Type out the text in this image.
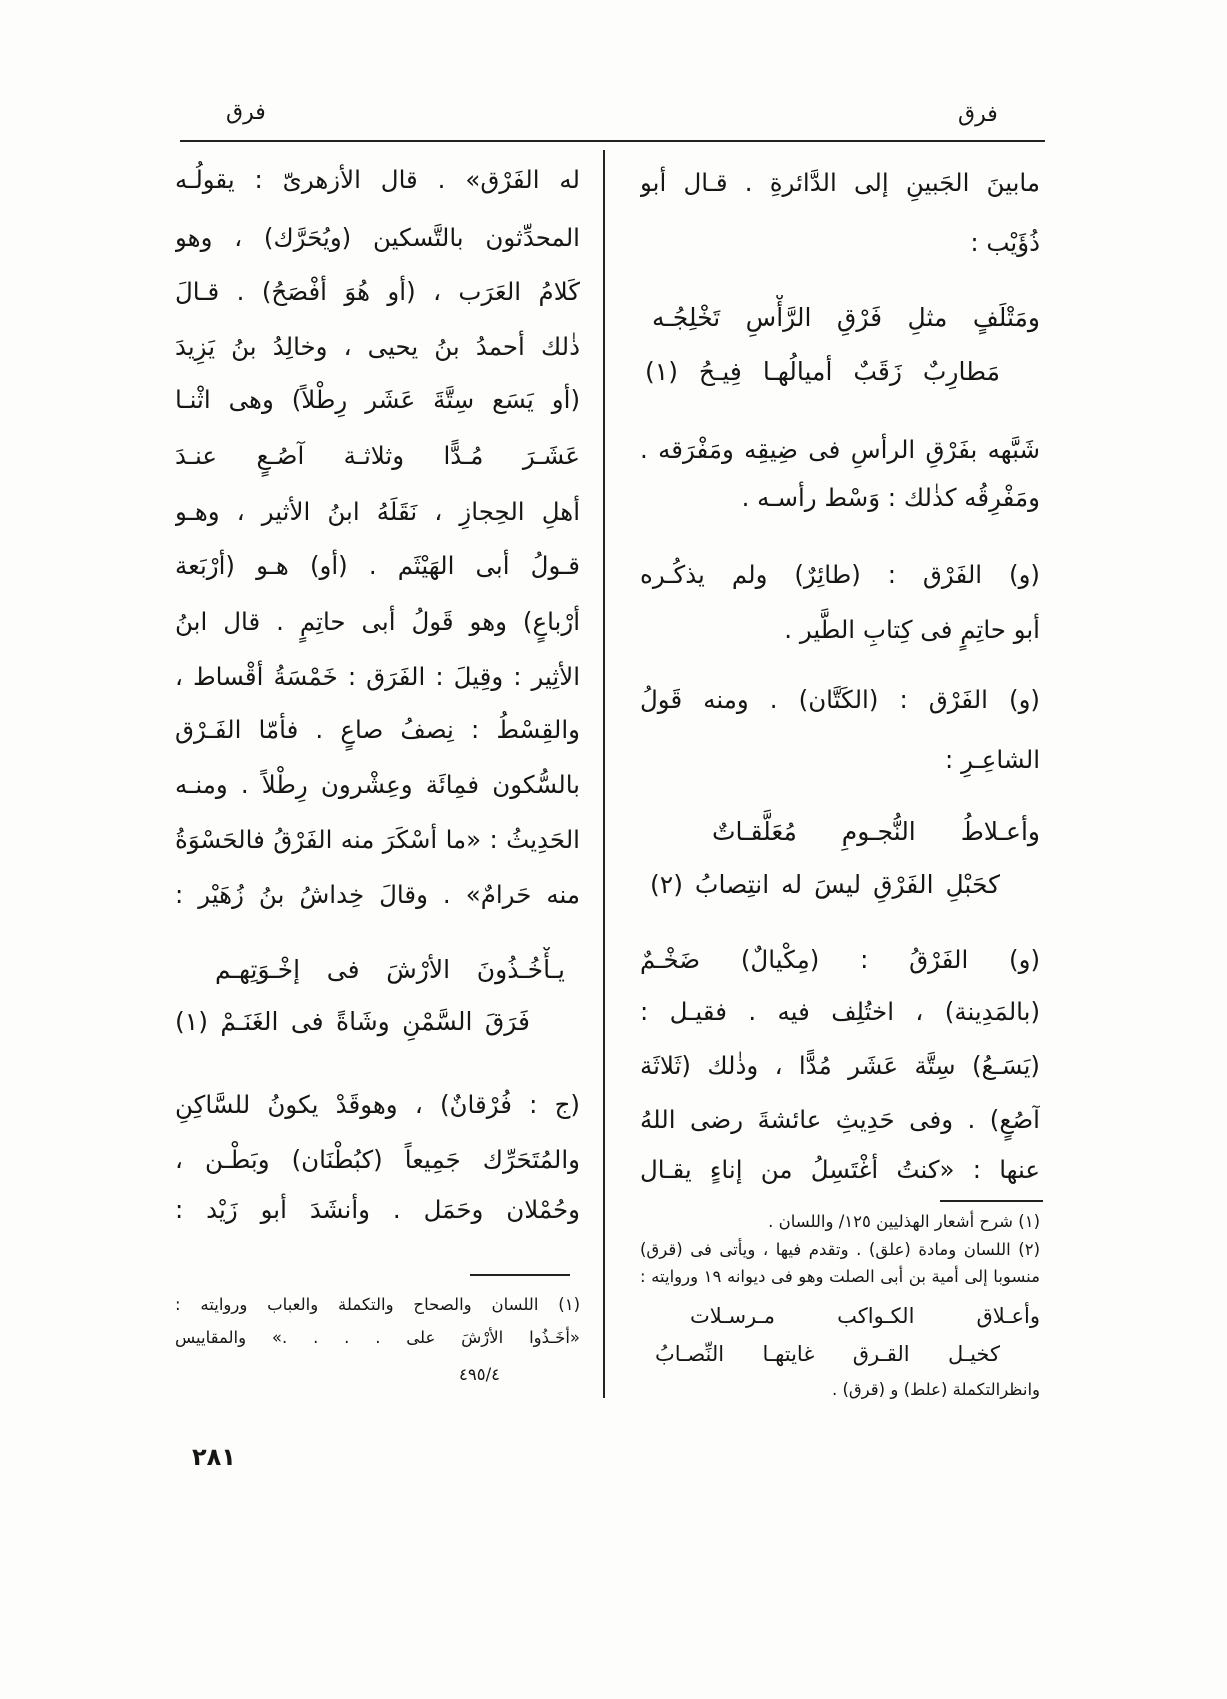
فرق	فرق
مابينَ الجَبينِ إلى الدَّائرةِ . قـال أبو
ذُؤَيْب :
ومَتْلَفٍ مثلِ فَرْقِ الرَّأْسِ تَخْلِجُـه
مَطارِبٌ زَقَبٌ أميالُهـا فِيـحُ (١)
شَبَّهه بفَرْقِ الرأسِ فى ضِيقِه ومَفْرَقه .
ومَفْرِقُه كذٰلك : وَسْط رأسـه .
(و) الفَرْق : (طائِرٌ) ولم يذكُـره
أبو حاتِمٍ فى كِتابِ الطَّير .
(و) الفَرْق : (الكَتَّان) . ومنه قَولُ
الشاعِـرِ :
وأعـلاطُ النُّجـومِ مُعَلَّقـاتٌ
كحَبْلِ الفَرْقِ ليسَ له انتِصابُ (٢)
(و) الفَرْقُ : (مِكْيالٌ) ضَخْـمٌ
(بالمَدِينة) ، اختُلِف فيه . فقيـل :
(يَسَـعُ) سِتَّة عَشَر مُدًّا ، وذٰلك (ثَلاثَة
آصُعٍ) . وفى حَدِيثِ عائشةَ رضى اللهُ
عنها : «كنتُ أغْتَسِلُ من إناءٍ يقـال
(١) شرح أشعار الهذليين ١٢٥/ واللسان .
(٢) اللسان ومادة (علق) . وتقدم فيها ، ويأتى فى (قرق)
منسوبا إلى أمية بن أبى الصلت وهو فى ديوانه ١٩ وروايته :
وأعـلاق الكـواكب مـرسـلات
كخيـل القـرق غايتهـا النِّصـابُ
وانظرالتكملة (علط) و (قرق) .
له الفَرْق» . قال الأزهرىّ : يقولُـه
المحدِّثون بالتَّسكين (ويُحَرَّك) ، وهو
كَلامُ العَرَب ، (أو هُوَ أفْصَحُ) . قـالَ
ذٰلك أحمدُ بنُ يحيى ، وخالِدُ بنُ يَزِيدَ
(أو يَسَع سِتَّةَ عَشَر رِطْلاً) وهى اثْنـا
عَشَـرَ مُـدًّا وثلاثـة آصُـعٍ عنـدَ
أهلِ الحِجازِ ، نَقَلَهُ ابنُ الأثير ، وهـو
قـولُ أبى الهَيْثَم . (أو) هـو (أرْبَعة
أرْباعٍ) وهو قَولُ أبى حاتِمٍ . قال ابنُ
الأثِير : وقِيلَ : الفَرَق : خَمْسَةُ أقْساط ،
والقِسْطُ : نِصفُ صاعٍ . فأمّا الفَـرْق
بالسُّكون فمِائَة وعِشْرون رِطْلاً . ومنـه
الحَدِيثُ : «ما أسْكَرَ منه الفَرْقُ فالحَسْوَةُ
منه حَرامٌ» . وقالَ خِداشُ بنُ زُهَيْر :
يـأْخُـذُونَ الأرْشَ فى إخْـوَتِهـم
فَرَقَ السَّمْنِ وشَاةً فى الغَنَـمْ (١)
(ج : فُرْقانٌ) ، وهوقَدْ يكونُ للسَّاكِنِ
والمُتَحَرِّك جَمِيعاً (كبُطْنَان) وبَطْـن ،
وحُمْلان وحَمَل . وأنشَدَ أبو زَيْد :
(١) اللسان والصحاح والتكملة والعباب وروايته :
«أخَـذُوا الأرْشَ على . . . .» والمقاييس
٤٩٥/٤
٢٨١
